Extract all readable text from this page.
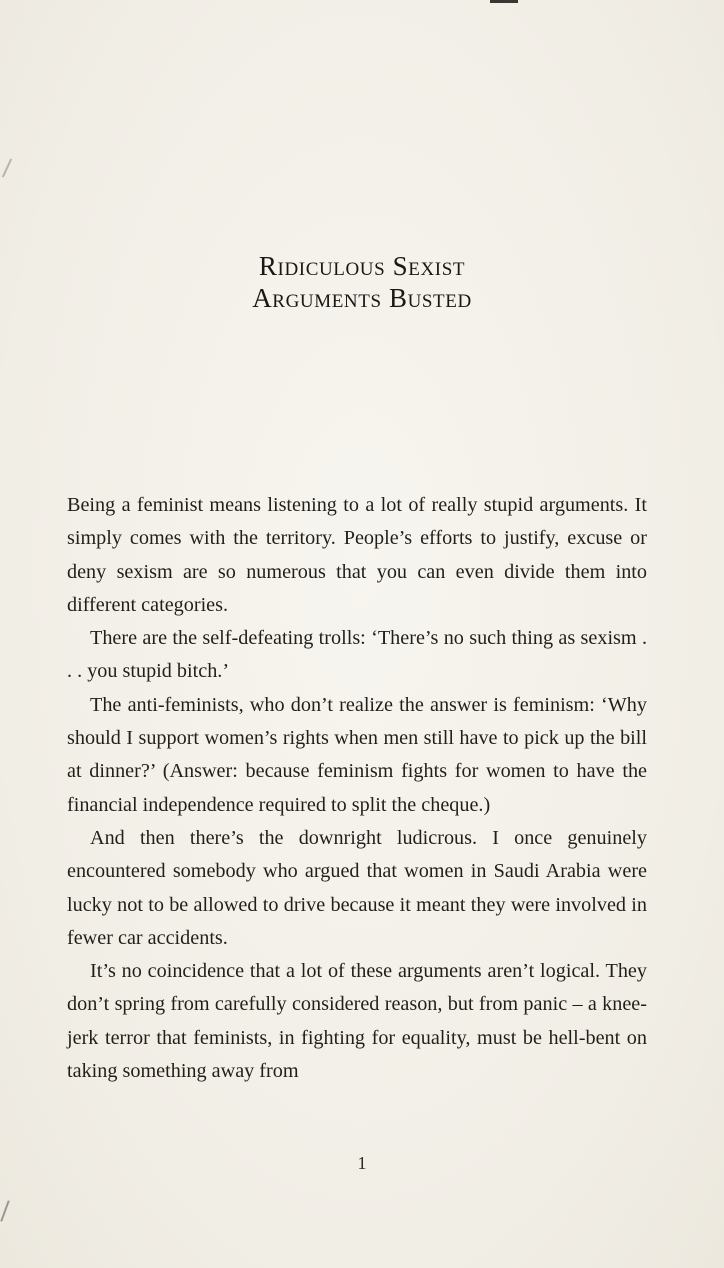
Ridiculous Sexist
Arguments Busted

Being a feminist means listening to a lot of really stupid arguments. It simply comes with the territory. People’s efforts to justify, excuse or deny sexism are so numerous that you can even divide them into different categories.

There are the self-defeating trolls: ‘There’s no such thing as sexism . . . you stupid bitch.’

The anti-feminists, who don’t realize the answer is feminism: ‘Why should I support women’s rights when men still have to pick up the bill at dinner?’ (Answer: because feminism fights for women to have the financial independence required to split the cheque.)

And then there’s the downright ludicrous. I once genuinely encountered somebody who argued that women in Saudi Arabia were lucky not to be allowed to drive because it meant they were involved in fewer car accidents.

It’s no coincidence that a lot of these arguments aren’t logical. They don’t spring from carefully considered reason, but from panic – a knee-jerk terror that feminists, in fighting for equality, must be hell-bent on taking something away from

1
